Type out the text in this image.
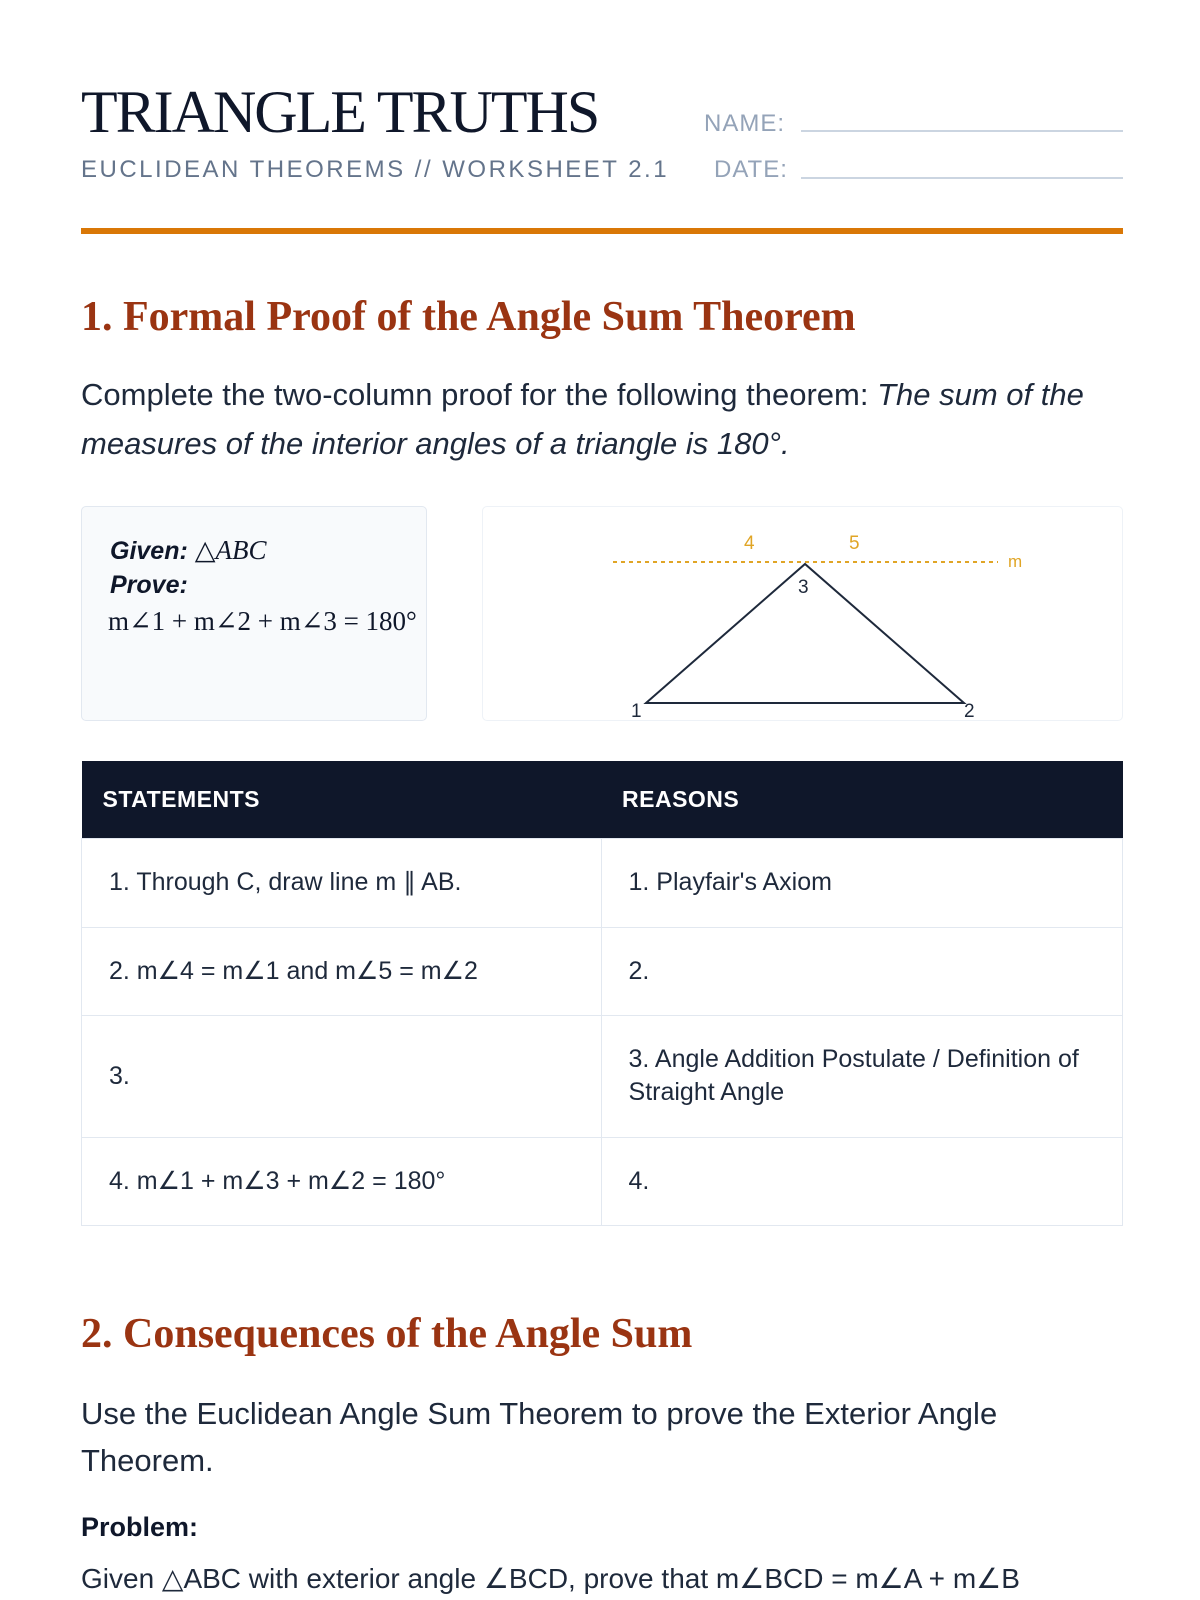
TRIANGLE TRUTHS
EUCLIDEAN THEOREMS // WORKSHEET 2.1
NAME:
DATE:
1. Formal Proof of the Angle Sum Theorem

Complete the two-column proof for the following theorem: The sum of the measures of the interior angles of a triangle is 180°.

Given: △ABC
Prove:
m∠1 + m∠2 + m∠3 = 180°
m
1	2
3
4	5
STATEMENTS	REASONS
1. Through C, draw line m ∥ AB.	1. Playfair's Axiom
2. m∠4 = m∠1 and m∠5 = m∠2	2.
3.	3. Angle Addition Postulate / Definition of Straight Angle
4. m∠1 + m∠3 + m∠2 = 180°	4.
2. Consequences of the Angle Sum

Use the Euclidean Angle Sum Theorem to prove the Exterior Angle Theorem.

Problem:
Given △ABC with exterior angle ∠BCD, prove that m∠BCD = m∠A + m∠B
